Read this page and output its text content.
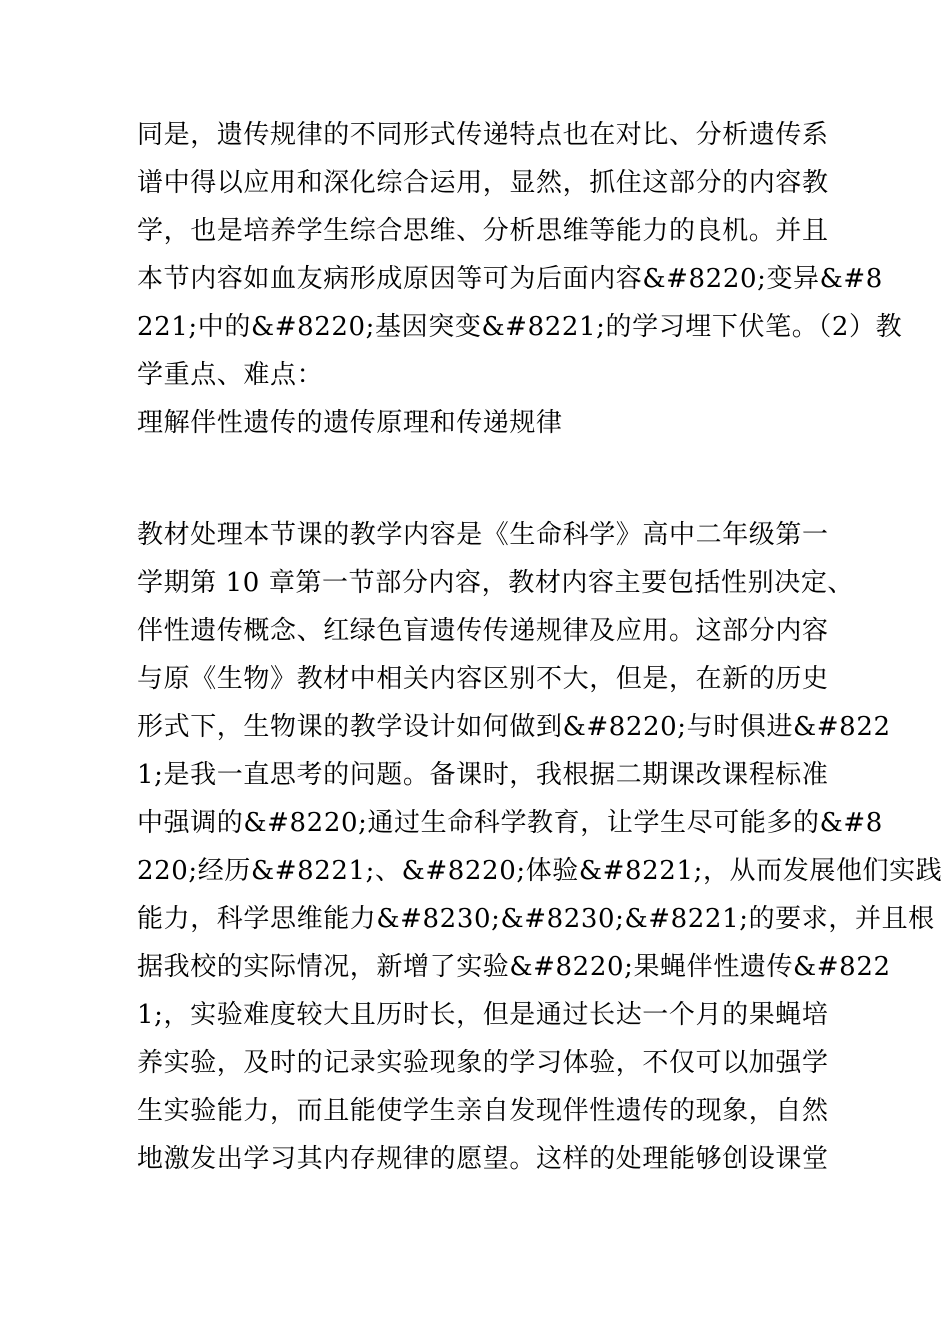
同是，遗传规律的不同形式传递特点也在对比、分析遗传系
谱中得以应用和深化综合运用，显然，抓住这部分的内容教
学，也是培养学生综合思维、分析思维等能力的良机。并且
本节内容如血友病形成原因等可为后面内容&#8220;变异&#8
221;中的&#8220;基因突变&#8221;的学习埋下伏笔。（2）教
学重点、难点：
理解伴性遗传的遗传原理和传递规律
教材处理本节课的教学内容是《生命科学》高中二年级第一
学期第 10 章第一节部分内容，教材内容主要包括性别决定、
伴性遗传概念、红绿色盲遗传传递规律及应用。这部分内容
与原《生物》教材中相关内容区别不大，但是，在新的历史
形式下，生物课的教学设计如何做到&#8220;与时俱进&#822
1;是我一直思考的问题。备课时，我根据二期课改课程标准
中强调的&#8220;通过生命科学教育，让学生尽可能多的&#8
220;经历&#8221;、&#8220;体验&#8221;，从而发展他们实践
能力，科学思维能力&#8230;&#8230;&#8221;的要求，并且根
据我校的实际情况，新增了实验&#8220;果蝇伴性遗传&#822
1;，实验难度较大且历时长，但是通过长达一个月的果蝇培
养实验，及时的记录实验现象的学习体验，不仅可以加强学
生实验能力，而且能使学生亲自发现伴性遗传的现象，自然
地激发出学习其内存规律的愿望。这样的处理能够创设课堂
